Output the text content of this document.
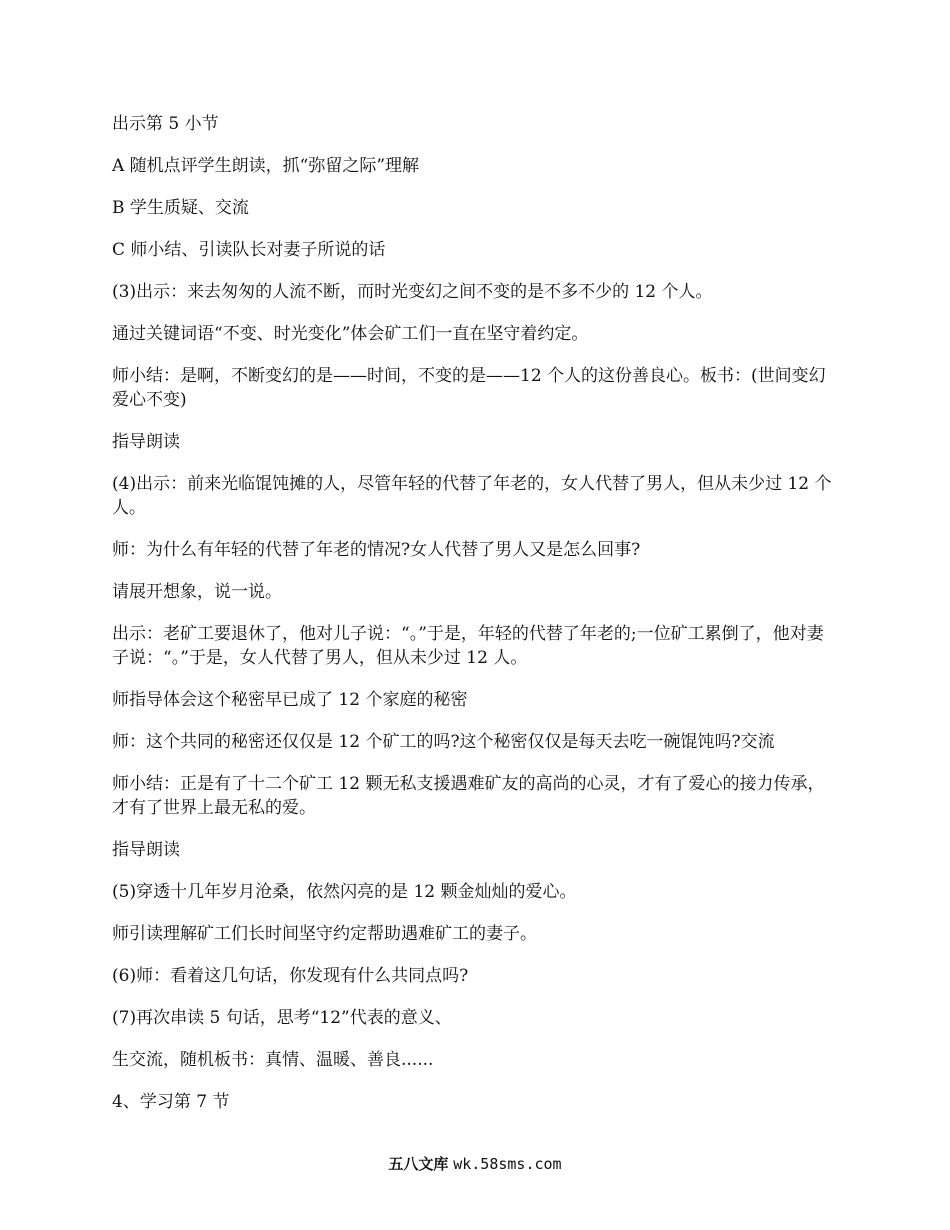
出示第 5 小节

A 随机点评学生朗读，抓“弥留之际”理解

B 学生质疑、交流

C 师小结、引读队长对妻子所说的话

(3)出示：来去匆匆的人流不断，而时光变幻之间不变的是不多不少的 12 个人。

通过关键词语“不变、时光变化”体会矿工们一直在坚守着约定。

师小结：是啊，不断变幻的是——时间，不变的是——12 个人的这份善良心。板书：(世间变幻 爱心不变)

指导朗读

(4)出示：前来光临馄饨摊的人，尽管年轻的代替了年老的，女人代替了男人，但从未少过 12 个人。

师：为什么有年轻的代替了年老的情况?女人代替了男人又是怎么回事?

请展开想象，说一说。

出示：老矿工要退休了，他对儿子说：“。”于是，年轻的代替了年老的;一位矿工累倒了，他对妻子说：“。”于是，女人代替了男人，但从未少过 12 人。

师指导体会这个秘密早已成了 12 个家庭的秘密

师：这个共同的秘密还仅仅是 12 个矿工的吗?这个秘密仅仅是每天去吃一碗馄饨吗?交流

师小结：正是有了十二个矿工 12 颗无私支援遇难矿友的高尚的心灵，才有了爱心的接力传承，才有了世界上最无私的爱。

指导朗读

(5)穿透十几年岁月沧桑，依然闪亮的是 12 颗金灿灿的爱心。

师引读理解矿工们长时间坚守约定帮助遇难矿工的妻子。

(6)师：看着这几句话，你发现有什么共同点吗?

(7)再次串读 5 句话，思考“12”代表的意义、

生交流，随机板书：真情、温暖、善良......

4、学习第 7 节

五八文库 wk.58sms.com
